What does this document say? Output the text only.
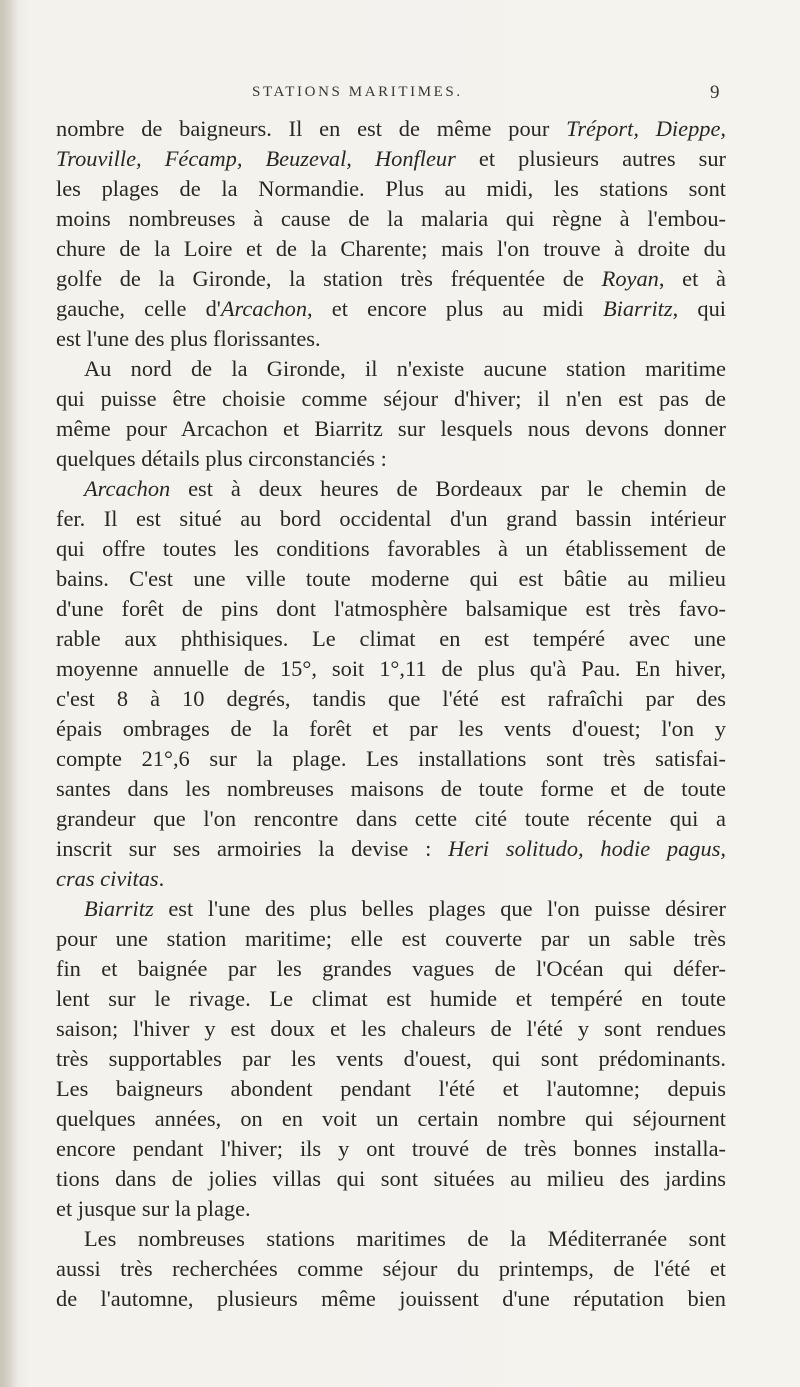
STATIONS MARITIMES.	9
nombre de baigneurs. Il en est de même pour Tréport, Dieppe,
Trouville, Fécamp, Beuzeval, Honfleur et plusieurs autres sur
les plages de la Normandie. Plus au midi, les stations sont
moins nombreuses à cause de la malaria qui règne à l'embou-
chure de la Loire et de la Charente; mais l'on trouve à droite du
golfe de la Gironde, la station très fréquentée de Royan, et à
gauche, celle d'Arcachon, et encore plus au midi Biarritz, qui
est l'une des plus florissantes.
Au nord de la Gironde, il n'existe aucune station maritime
qui puisse être choisie comme séjour d'hiver; il n'en est pas de
même pour Arcachon et Biarritz sur lesquels nous devons donner
quelques détails plus circonstanciés :
Arcachon est à deux heures de Bordeaux par le chemin de
fer. Il est situé au bord occidental d'un grand bassin intérieur
qui offre toutes les conditions favorables à un établissement de
bains. C'est une ville toute moderne qui est bâtie au milieu
d'une forêt de pins dont l'atmosphère balsamique est très favo-
rable aux phthisiques. Le climat en est tempéré avec une
moyenne annuelle de 15°, soit 1°,11 de plus qu'à Pau. En hiver,
c'est 8 à 10 degrés, tandis que l'été est rafraîchi par des
épais ombrages de la forêt et par les vents d'ouest; l'on y
compte 21°,6 sur la plage. Les installations sont très satisfai-
santes dans les nombreuses maisons de toute forme et de toute
grandeur que l'on rencontre dans cette cité toute récente qui a
inscrit sur ses armoiries la devise : Heri solitudo, hodie pagus,
cras civitas.
Biarritz est l'une des plus belles plages que l'on puisse désirer
pour une station maritime; elle est couverte par un sable très
fin et baignée par les grandes vagues de l'Océan qui défer-
lent sur le rivage. Le climat est humide et tempéré en toute
saison; l'hiver y est doux et les chaleurs de l'été y sont rendues
très supportables par les vents d'ouest, qui sont prédominants.
Les baigneurs abondent pendant l'été et l'automne; depuis
quelques années, on en voit un certain nombre qui séjournent
encore pendant l'hiver; ils y ont trouvé de très bonnes installa-
tions dans de jolies villas qui sont situées au milieu des jardins
et jusque sur la plage.
Les nombreuses stations maritimes de la Méditerranée sont
aussi très recherchées comme séjour du printemps, de l'été et
de l'automne, plusieurs même jouissent d'une réputation bien
